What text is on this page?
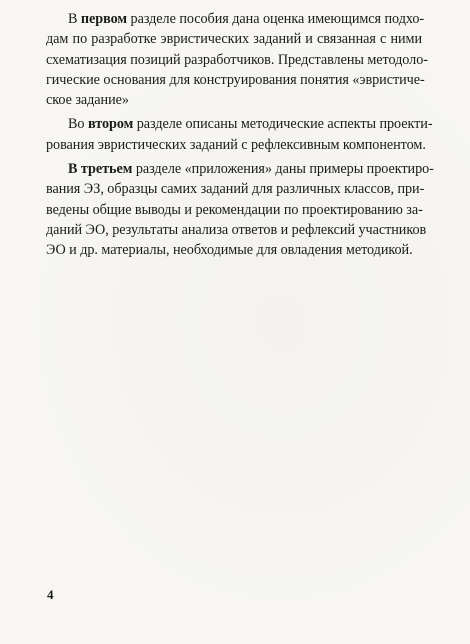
В первом разделе пособия дана оценка имеющимся подхо-
дам по разработке эвристических заданий и связанная с ними
схематизация позиций разработчиков. Представлены методоло-
гические основания для конструирования понятия «эвристиче-
ское задание»

Во втором разделе описаны методические аспекты проекти-
рования эвристических заданий с рефлексивным компонентом.

В третьем разделе «приложения» даны примеры проектиро-
вания ЭЗ, образцы самих заданий для различных классов, при-
ведены общие выводы и рекомендации по проектированию за-
даний ЭО, результаты анализа ответов и рефлексий участников
ЭО и др. материалы, необходимые для овладения методикой.

4
